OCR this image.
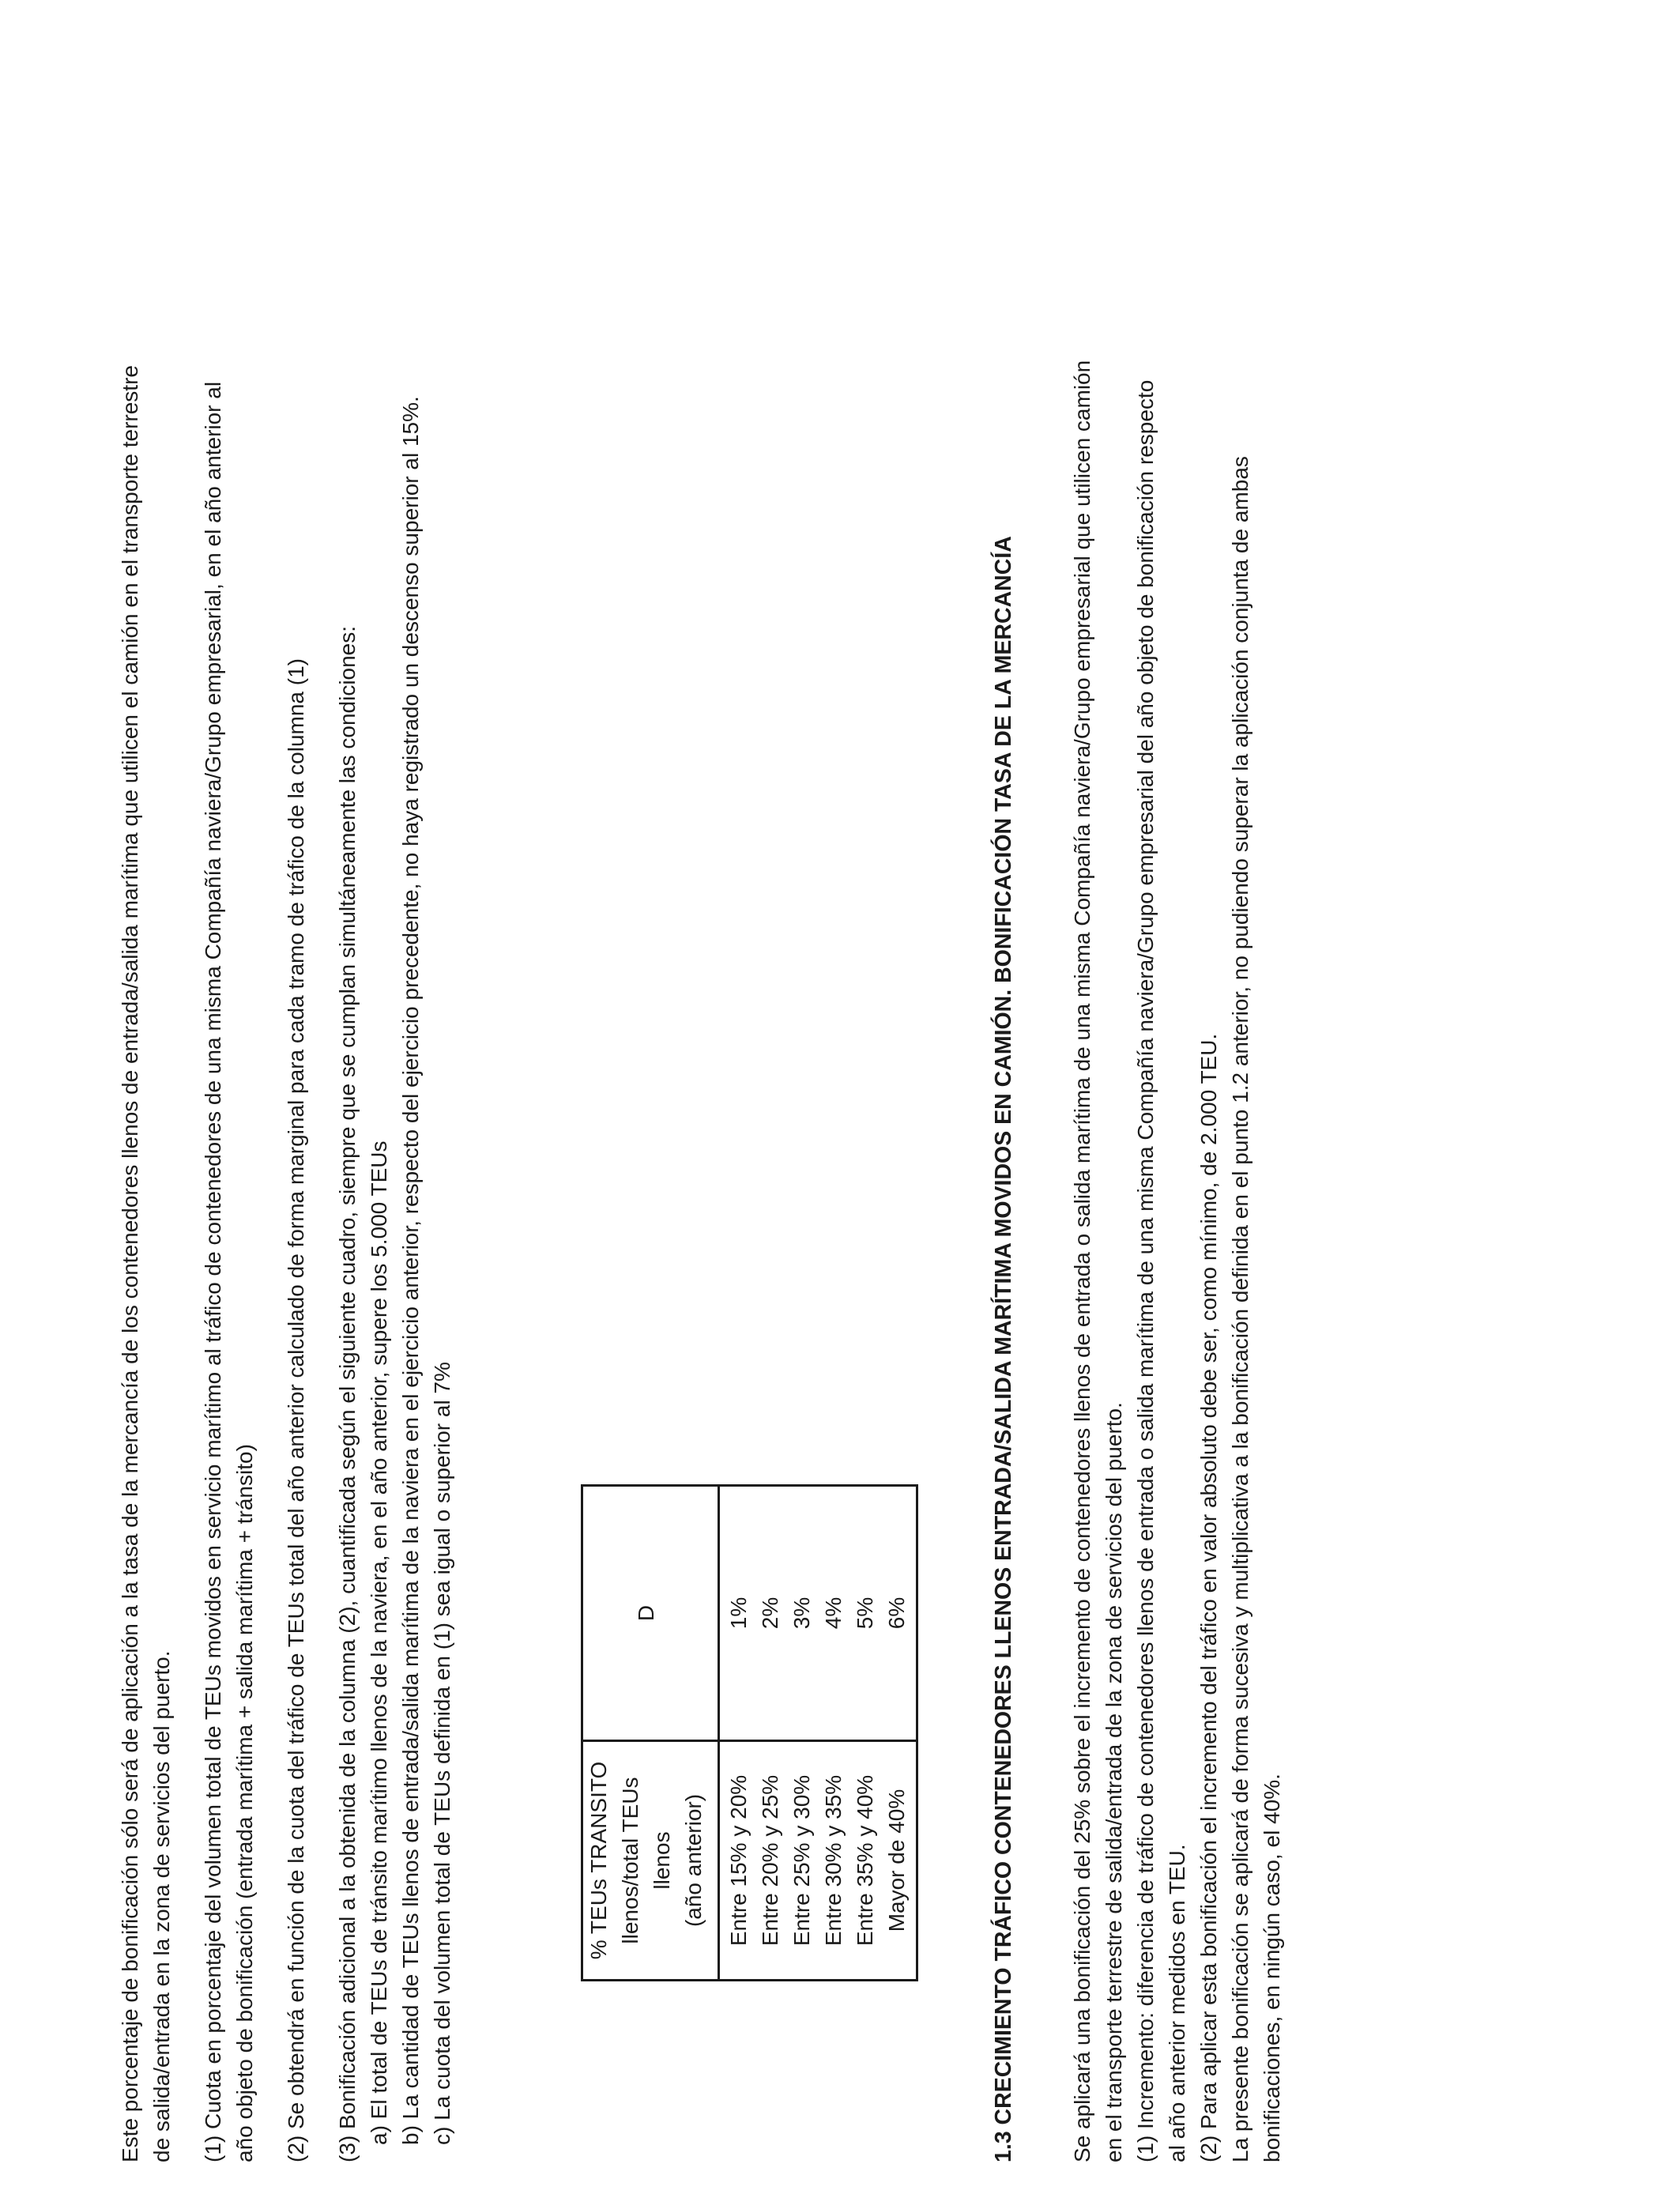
Este porcentaje de bonificación sólo será de aplicación a la tasa de la mercancía de los contenedores llenos de entrada/salida marítima que utilicen el camión en el transporte terrestre de salida/entrada en la zona de servicios del puerto. (1) Cuota en porcentaje del volumen total de TEUs movidos en servicio marítimo al tráfico de contenedores de una misma Compañía naviera/Grupo empresarial, en el año anterior al año objeto de bonificación (entrada marítima + salida marítima + tránsito) (2) Se obtendrá en función de la cuota del tráfico de TEUs total del año anterior calculado de forma marginal para cada tramo de tráfico de la columna (1) (3) Bonificación adicional a la obtenida de la columna (2), cuantificada según el siguiente cuadro, siempre que se cumplan simultáneamente las condiciones: a) El total de TEUs de tránsito marítimo llenos de la naviera, en el año anterior, supere los 5.000 TEUs b) La cantidad de TEUs llenos de entrada/salida marítima de la naviera en el ejercicio anterior, respecto del ejercicio precedente, no haya registrado un descenso superior al 15%. c) La cuota del volumen total de TEUs definida en (1) sea igual o superior al 7%	% TEUs TRANSITO llenos/total TEUs llenos (año anterior)	D
Entre 15% y 20%	1%
Entre 20% y 25%	2%
Entre 25% y 30%	3%
Entre 30% y 35%	4%
Entre 35% y 40%	5%
Mayor de 40%	6%	1.3 CRECIMIENTO TRÁFICO CONTENEDORES LLENOS ENTRADA/SALIDA MARÍTIMA MOVIDOS EN CAMIÓN. BONIFICACIÓN TASA DE LA MERCANCÍA Se aplicará una bonificación del 25% sobre el incremento de contenedores llenos de entrada o salida marítima de una misma Compañía naviera/Grupo empresarial que utilicen camión en el transporte terrestre de salida/entrada de la zona de servicios del puerto. (1) Incremento: diferencia de tráfico de contenedores llenos de entrada o salida marítima de una misma Compañía naviera/Grupo empresarial del año objeto de bonificación respecto al año anterior medidos en TEU. (2) Para aplicar esta bonificación el incremento del tráfico en valor absoluto debe ser, como mínimo, de 2.000 TEU. La presente bonificación se aplicará de forma sucesiva y multiplicativa a la bonificación definida en el punto 1.2 anterior, no pudiendo superar la aplicación conjunta de ambas bonificaciones, en ningún caso, el 40%.
